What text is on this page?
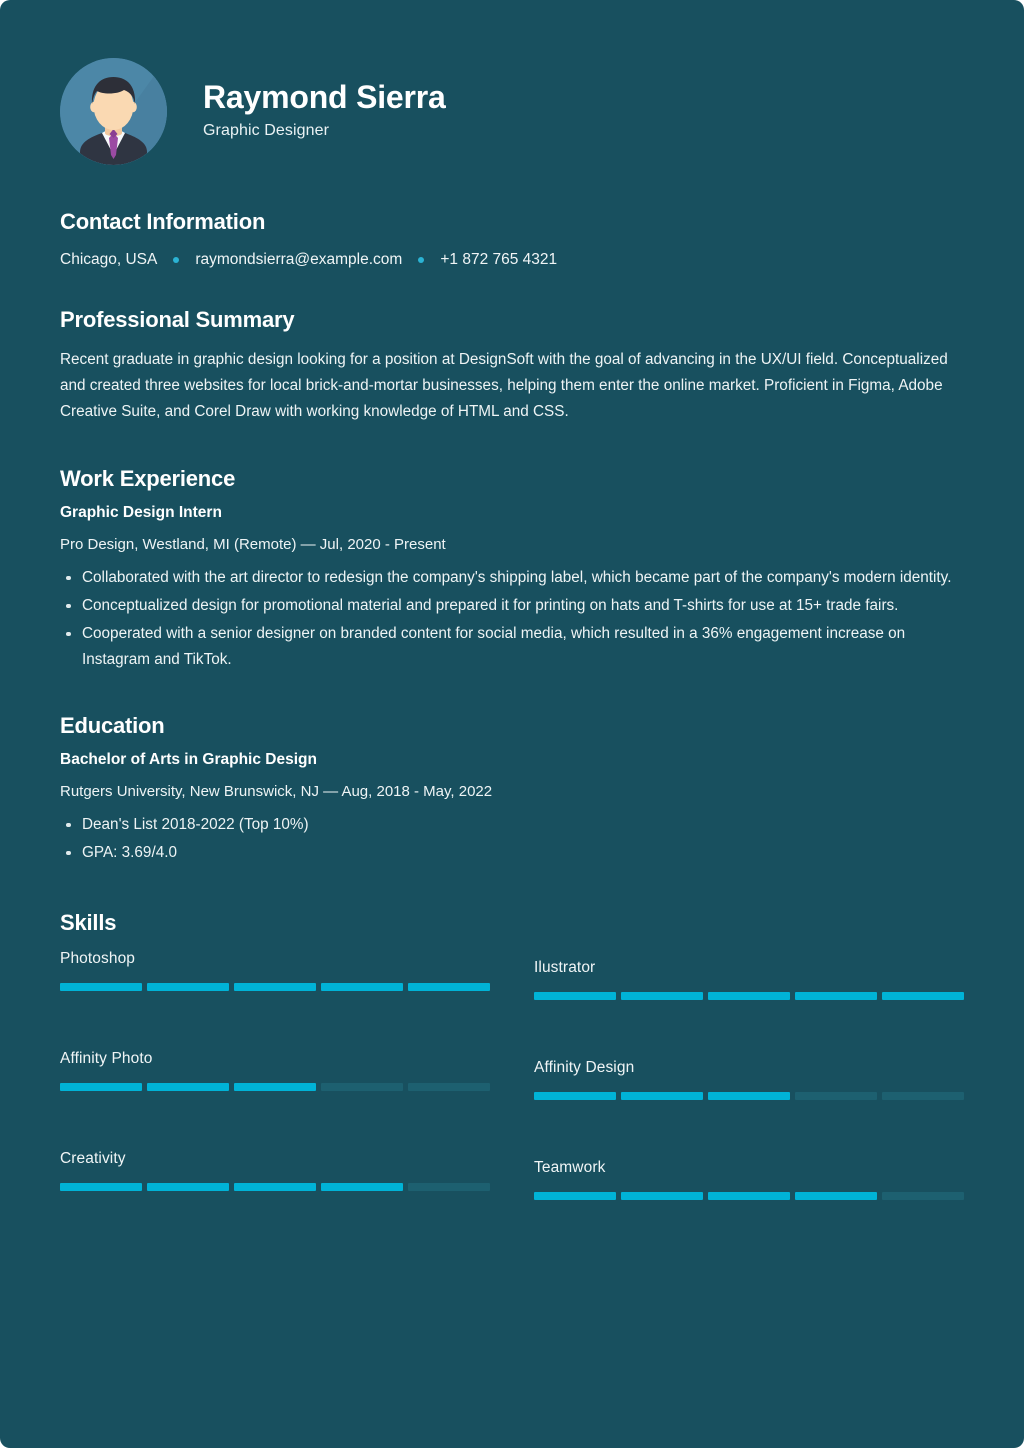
Raymond Sierra

Graphic Designer

Contact Information
Chicago, USA raymondsierra@example.com +1 872 765 4321
Professional Summary

Recent graduate in graphic design looking for a position at DesignSoft with the goal of advancing in the UX/UI field. Conceptualized and created three websites for local brick-and-mortar businesses, helping them enter the online market. Proficient in Figma, Adobe Creative Suite, and Corel Draw with working knowledge of HTML and CSS.

Work Experience

Graphic Design Intern

Pro Design, Westland, MI (Remote) — Jul, 2020 - Present

Collaborated with the art director to redesign the company's shipping label, which became part of the company's modern identity.
Conceptualized design for promotional material and prepared it for printing on hats and T-shirts for use at 15+ trade fairs.
Cooperated with a senior designer on branded content for social media, which resulted in a 36% engagement increase on Instagram and TikTok.
Education

Bachelor of Arts in Graphic Design

Rutgers University, New Brunswick, NJ — Aug, 2018 - May, 2022

Dean's List 2018-2022 (Top 10%)
GPA: 3.69/4.0
Skills

Photoshop

Ilustrator

Affinity Photo

Affinity Design

Creativity

Teamwork
